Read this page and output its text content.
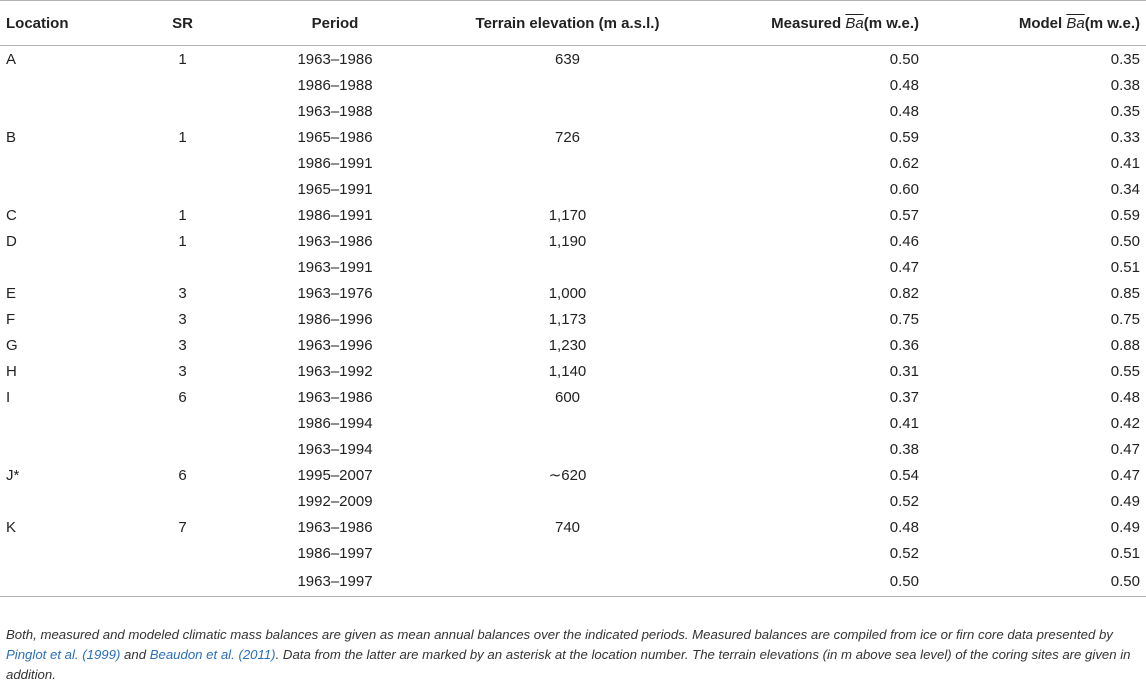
Location	SR	Period	Terrain elevation (m a.s.l.)	Measured $\overline{Ba}(m$ w.e.)	Model $\overline{Ba}(m$ w.e.)
A	1	1963–1986	639	0.50	0.35
		1986–1988		0.48	0.38
		1963–1988		0.48	0.35
B	1	1965–1986	726	0.59	0.33
		1986–1991		0.62	0.41
		1965–1991		0.60	0.34
C	1	1986–1991	1,170	0.57	0.59
D	1	1963–1986	1,190	0.46	0.50
		1963–1991		0.47	0.51
E	3	1963–1976	1,000	0.82	0.85
F	3	1986–1996	1,173	0.75	0.75
G	3	1963–1996	1,230	0.36	0.88
H	3	1963–1992	1,140	0.31	0.55
I	6	1963–1986	600	0.37	0.48
		1986–1994		0.41	0.42
		1963–1994		0.38	0.47
J*	6	1995–2007	∼620	0.54	0.47
		1992–2009		0.52	0.49
K	7	1963–1986	740	0.48	0.49
		1986–1997		0.52	0.51
		1963–1997		0.50	0.50
Both, measured and modeled climatic mass balances are given as mean annual balances over the indicated periods. Measured balances are compiled from ice or firn core data presented by Pinglot et al. (1999) and Beaudon et al. (2011). Data from the latter are marked by an asterisk at the location number. The terrain elevations (in m above sea level) of the coring sites are given in addition.
